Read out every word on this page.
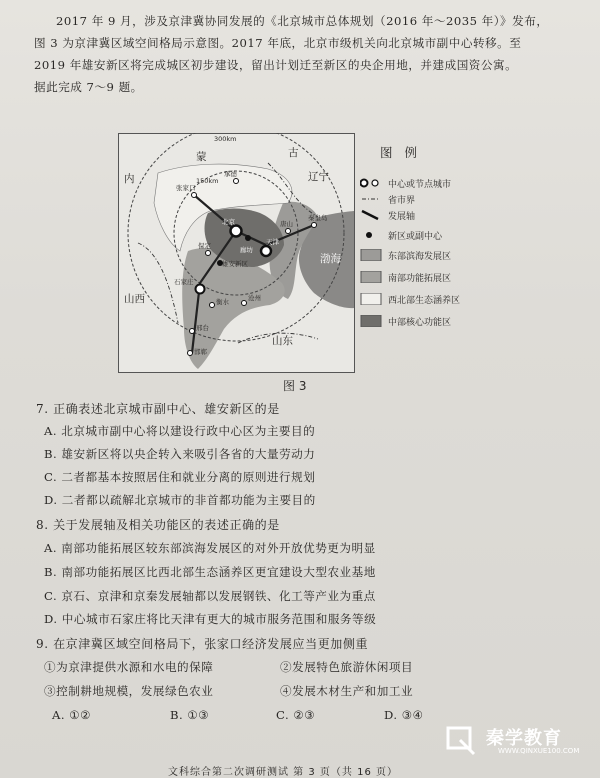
2017 年 9 月，涉及京津冀协同发展的《北京城市总体规划（2016 年～2035 年）》发布，
图 3 为京津冀区域空间格局示意图。2017 年底，北京市级机关向北京城市副中心转移。至
2019 年雄安新区将完成城区初步建设，留出计划迁至新区的央企用地，并建成国资公寓。
据此完成 7～9 题。
蒙	古
内	辽宁
山西
山东
渤海
300km
150km
承德
张家口
北京
天津
唐山
秦皇岛
廊坊
保定
雄安新区
沧州
石家庄
衡水
邢台
邯郸
图 例
中心或节点城市
省市界
发展轴
新区或副中心
东部滨海发展区
南部功能拓展区
西北部生态涵养区
中部核心功能区
图 3
7. 正确表述北京城市副中心、雄安新区的是
A. 北京城市副中心将以建设行政中心区为主要目的
B. 雄安新区将以央企转入来吸引各省的大量劳动力
C. 二者都基本按照居住和就业分离的原则进行规划
D. 二者都以疏解北京城市的非首都功能为主要目的
8. 关于发展轴及相关功能区的表述正确的是
A. 南部功能拓展区较东部滨海发展区的对外开放优势更为明显
B. 南部功能拓展区比西北部生态涵养区更宜建设大型农业基地
C. 京石、京津和京秦发展轴都以发展钢铁、化工等产业为重点
D. 中心城市石家庄将比天津有更大的城市服务范围和服务等级
9. 在京津冀区域空间格局下，张家口经济发展应当更加侧重
①为京津提供水源和水电的保障	②发展特色旅游休闲项目
③控制耕地规模，发展绿色农业	④发展木材生产和加工业
A. ①②	B. ①③	C. ②③	D. ③④
文科综合第二次调研测试 第 3 页（共 16 页）
秦学教育
WWW.QINXUE100.COM
